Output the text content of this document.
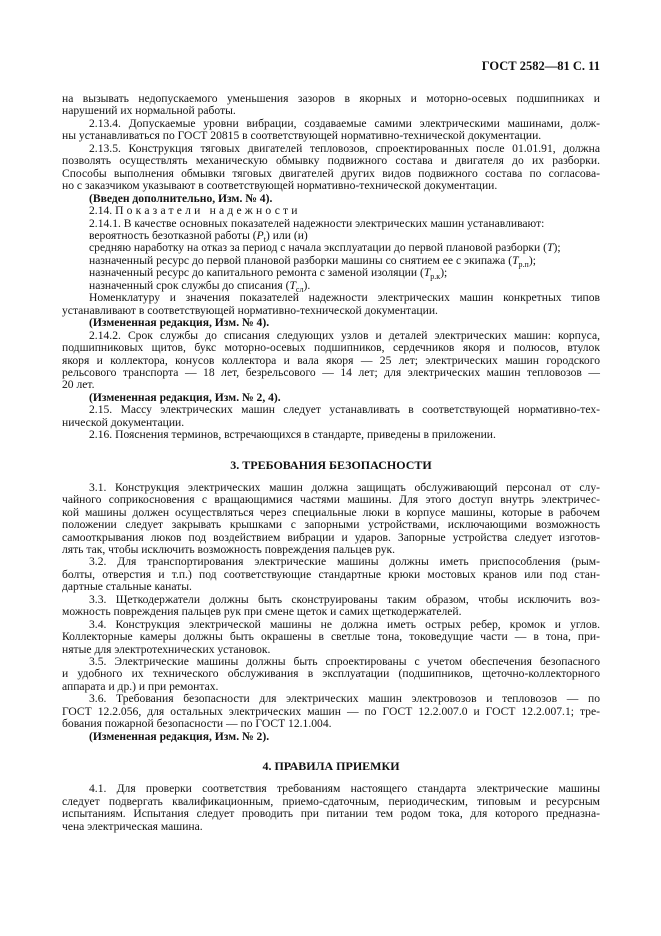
ГОСТ 2582—81 С. 11
на вызывать недопускаемого уменьшения зазоров в якорных и моторно-осевых подшипниках и
нарушений их нормальной работы.
2.13.4. Допускаемые уровни вибрации, создаваемые самими электрическими машинами, долж-
ны устанавливаться по ГОСТ 20815 в соответствующей нормативно-технической документации.
2.13.5. Конструкция тяговых двигателей тепловозов, спроектированных после 01.01.91, должна
позволять осуществлять механическую обмывку подвижного состава и двигателя до их разборки.
Способы выполнения обмывки тяговых двигателей других видов подвижного состава по согласова-
но с заказчиком указывают в соответствующей нормативно-технической документации.
(Введен дополнительно, Изм. № 4).
2.14. Показатели надежности
2.14.1. В качестве основных показателей надежности электрических машин устанавливают:
вероятность безотказной работы $(P_t)$ или (и)
средняю наработку на отказ за период с начала эксплуатации до первой плановой разборки (T);
назначенный ресурс до первой плановой разборки машины со снятием ее с экипажа $(T_{р.п})$;
назначенный ресурс до капитального ремонта с заменой изоляции $(T_{р.к})$;
назначенный срок службы до списания $(T_{сл})$.
Номенклатуру и значения показателей надежности электрических машин конкретных типов
устанавливают в соответствующей нормативно-технической документации.
(Измененная редакция, Изм. № 4).
2.14.2. Срок службы до списания следующих узлов и деталей электрических машин: корпуса,
подшипниковых щитов, букс моторно-осевых подшипников, сердечников якоря и полюсов, втулок
якоря и коллектора, конусов коллектора и вала якоря — 25 лет; электрических машин городского
рельсового транспорта — 18 лет, безрельсового — 14 лет; для электрических машин тепловозов —
20 лет.
(Измененная редакция, Изм. № 2, 4).
2.15. Массу электрических машин следует устанавливать в соответствующей нормативно-тех-
нической документации.
2.16. Пояснения терминов, встречающихся в стандарте, приведены в приложении.
3. ТРЕБОВАНИЯ БЕЗОПАСНОСТИ
3.1. Конструкция электрических машин должна защищать обслуживающий персонал от слу-
чайного соприкосновения с вращающимися частями машины. Для этого доступ внутрь электричес-
кой машины должен осуществляться через специальные люки в корпусе машины, которые в рабочем
положении следует закрывать крышками с запорными устройствами, исключающими возможность
самооткрывания люков под воздействием вибрации и ударов. Запорные устройства следует изготов-
лять так, чтобы исключить возможность повреждения пальцев рук.
3.2. Для транспортирования электрические машины должны иметь приспособления (рым-
болты, отверстия и т.п.) под соответствующие стандартные крюки мостовых кранов или под стан-
дартные стальные канаты.
3.3. Щеткодержатели должны быть сконструированы таким образом, чтобы исключить воз-
можность повреждения пальцев рук при смене щеток и самих щеткодержателей.
3.4. Конструкция электрической машины не должна иметь острых ребер, кромок и углов.
Коллекторные камеры должны быть окрашены в светлые тона, токоведущие части — в тона, при-
нятые для электротехнических установок.
3.5. Электрические машины должны быть спроектированы с учетом обеспечения безопасного
и удобного их технического обслуживания в эксплуатации (подшипников, щеточно-коллекторного
аппарата и др.) и при ремонтах.
3.6. Требования безопасности для электрических машин электровозов и тепловозов — по
ГОСТ 12.2.056, для остальных электрических машин — по ГОСТ 12.2.007.0 и ГОСТ 12.2.007.1; тре-
бования пожарной безопасности — по ГОСТ 12.1.004.
(Измененная редакция, Изм. № 2).
4. ПРАВИЛА ПРИЕМКИ
4.1. Для проверки соответствия требованиям настоящего стандарта электрические машины
следует подвергать квалификационным, приемо-сдаточным, периодическим, типовым и ресурсным
испытаниям. Испытания следует проводить при питании тем родом тока, для которого предназна-
чена электрическая машина.
